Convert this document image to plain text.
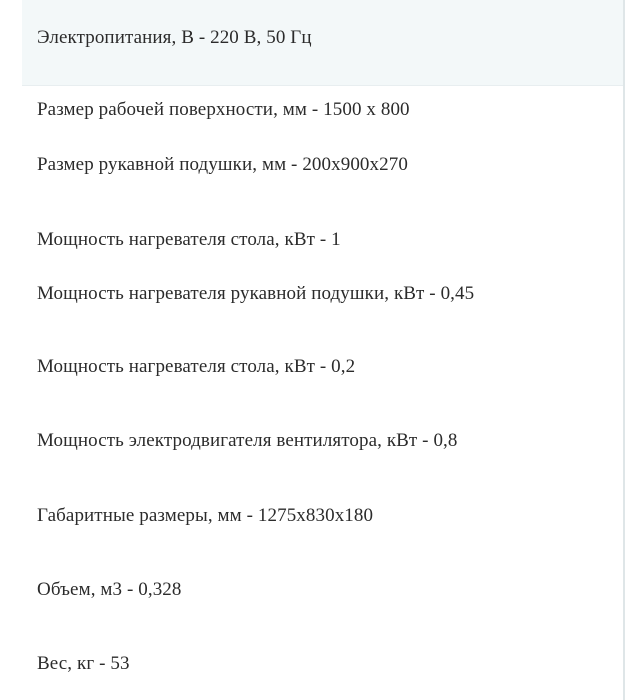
Электропитания, В - 220 В, 50 Гц
Размер рабочей поверхности, мм - 1500 х 800
Размер рукавной подушки, мм - 200х900х270
Мощность нагревателя стола, кВт - 1
Мощность нагревателя рукавной подушки, кВт - 0,45
Мощность нагревателя стола, кВт - 0,2
Мощность электродвигателя вентилятора, кВт - 0,8
Габаритные размеры, мм - 1275х830х180
Объем, м3 - 0,328
Вес, кг - 53
